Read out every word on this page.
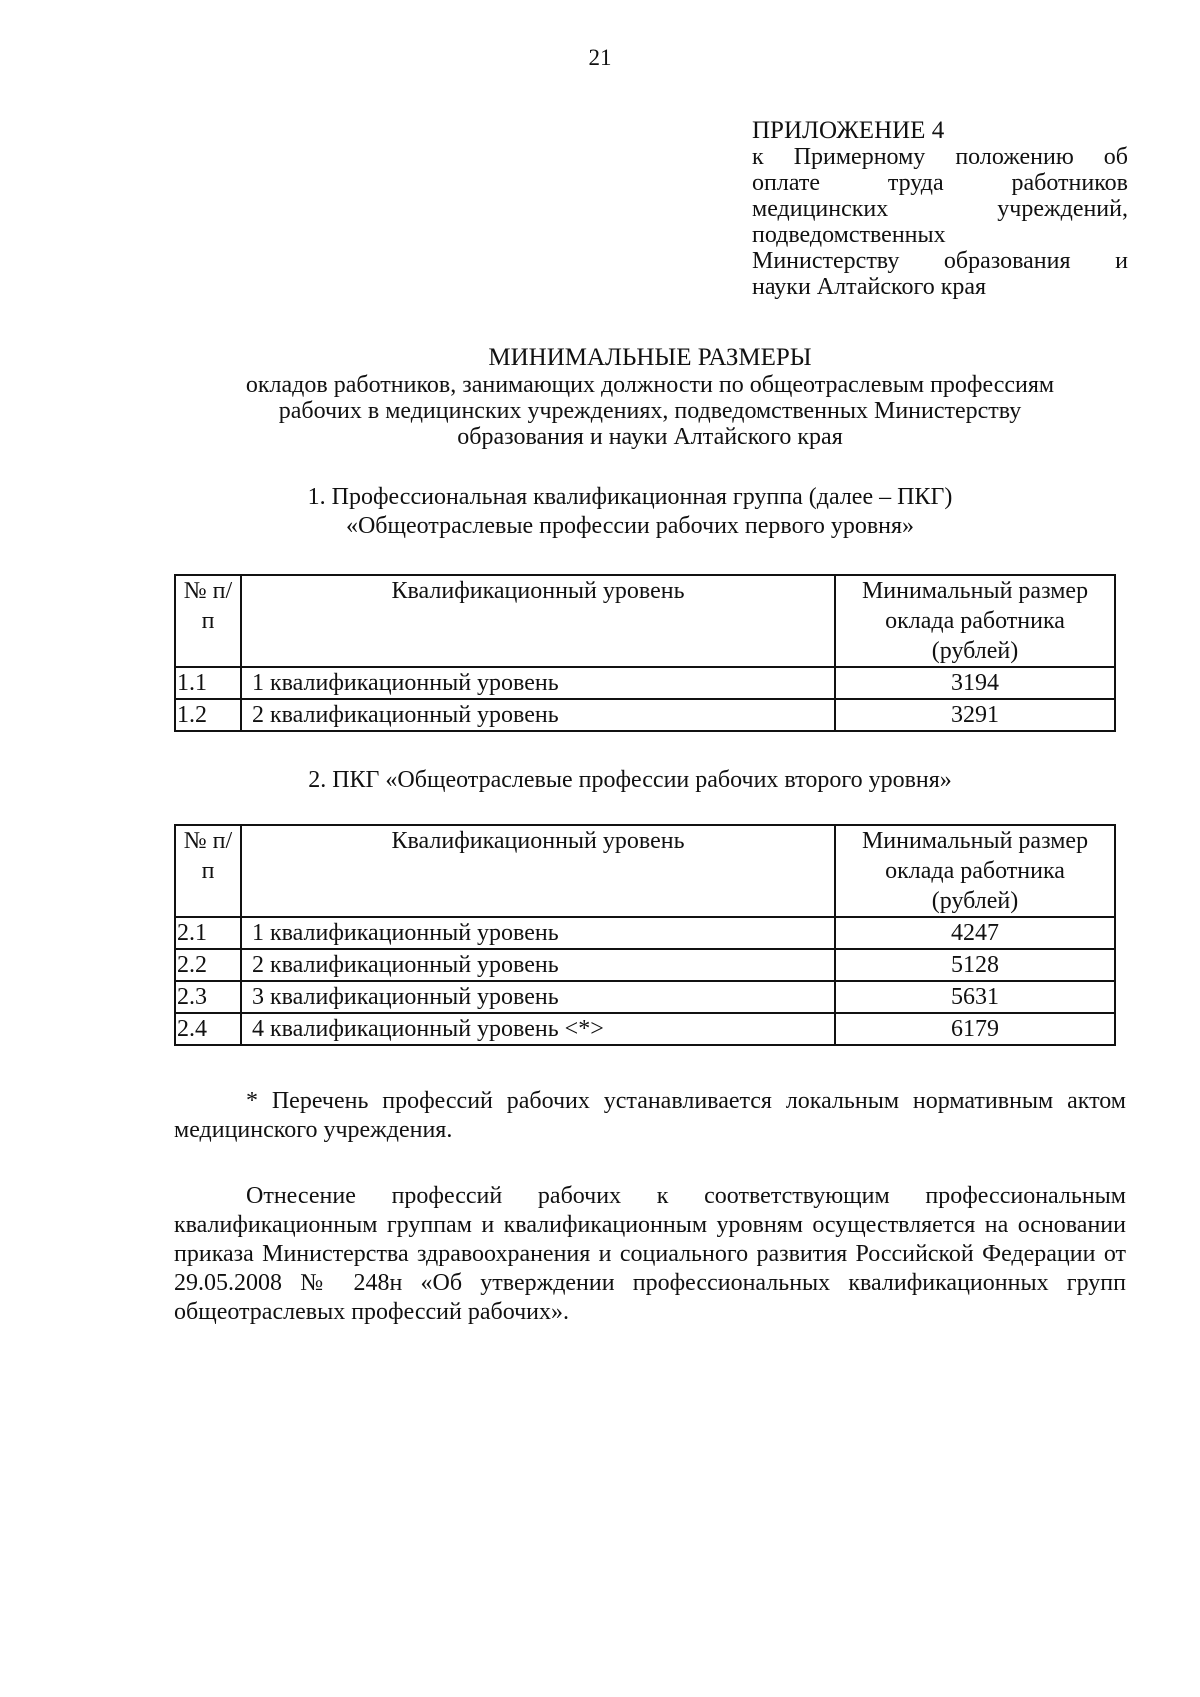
21
ПРИЛОЖЕНИЕ 4
к Примерному положению об
оплате труда работников
медицинских учреждений,
подведомственных
Министерству образования и
науки Алтайского края
МИНИМАЛЬНЫЕ РАЗМЕРЫ
окладов работников, занимающих должности по общеотраслевым профессиям
рабочих в медицинских учреждениях, подведомственных Министерству
образования и науки Алтайского края
1. Профессиональная квалификационная группа (далее – ПКГ)
«Общеотраслевые профессии рабочих первого уровня»
№ п/п	Квалификационный уровень	Минимальный размер оклада работника (рублей)
1.1	1 квалификационный уровень	3194
1.2	2 квалификационный уровень	3291
2. ПКГ «Общеотраслевые профессии рабочих второго уровня»
№ п/п	Квалификационный уровень	Минимальный размер оклада работника (рублей)
2.1	1 квалификационный уровень	4247
2.2	2 квалификационный уровень	5128
2.3	3 квалификационный уровень	5631
2.4	4 квалификационный уровень <*>	6179
* Перечень профессий рабочих устанавливается локальным нормативным актом медицинского учреждения.
Отнесение профессий рабочих к соответствующим профессиональным квалификационным группам и квалификационным уровням осуществляется на основании приказа Министерства здравоохранения и социального развития Российской Федерации от 29.05.2008 № 248н «Об утверждении профессиональных квалификационных групп общеотраслевых профессий рабочих».
